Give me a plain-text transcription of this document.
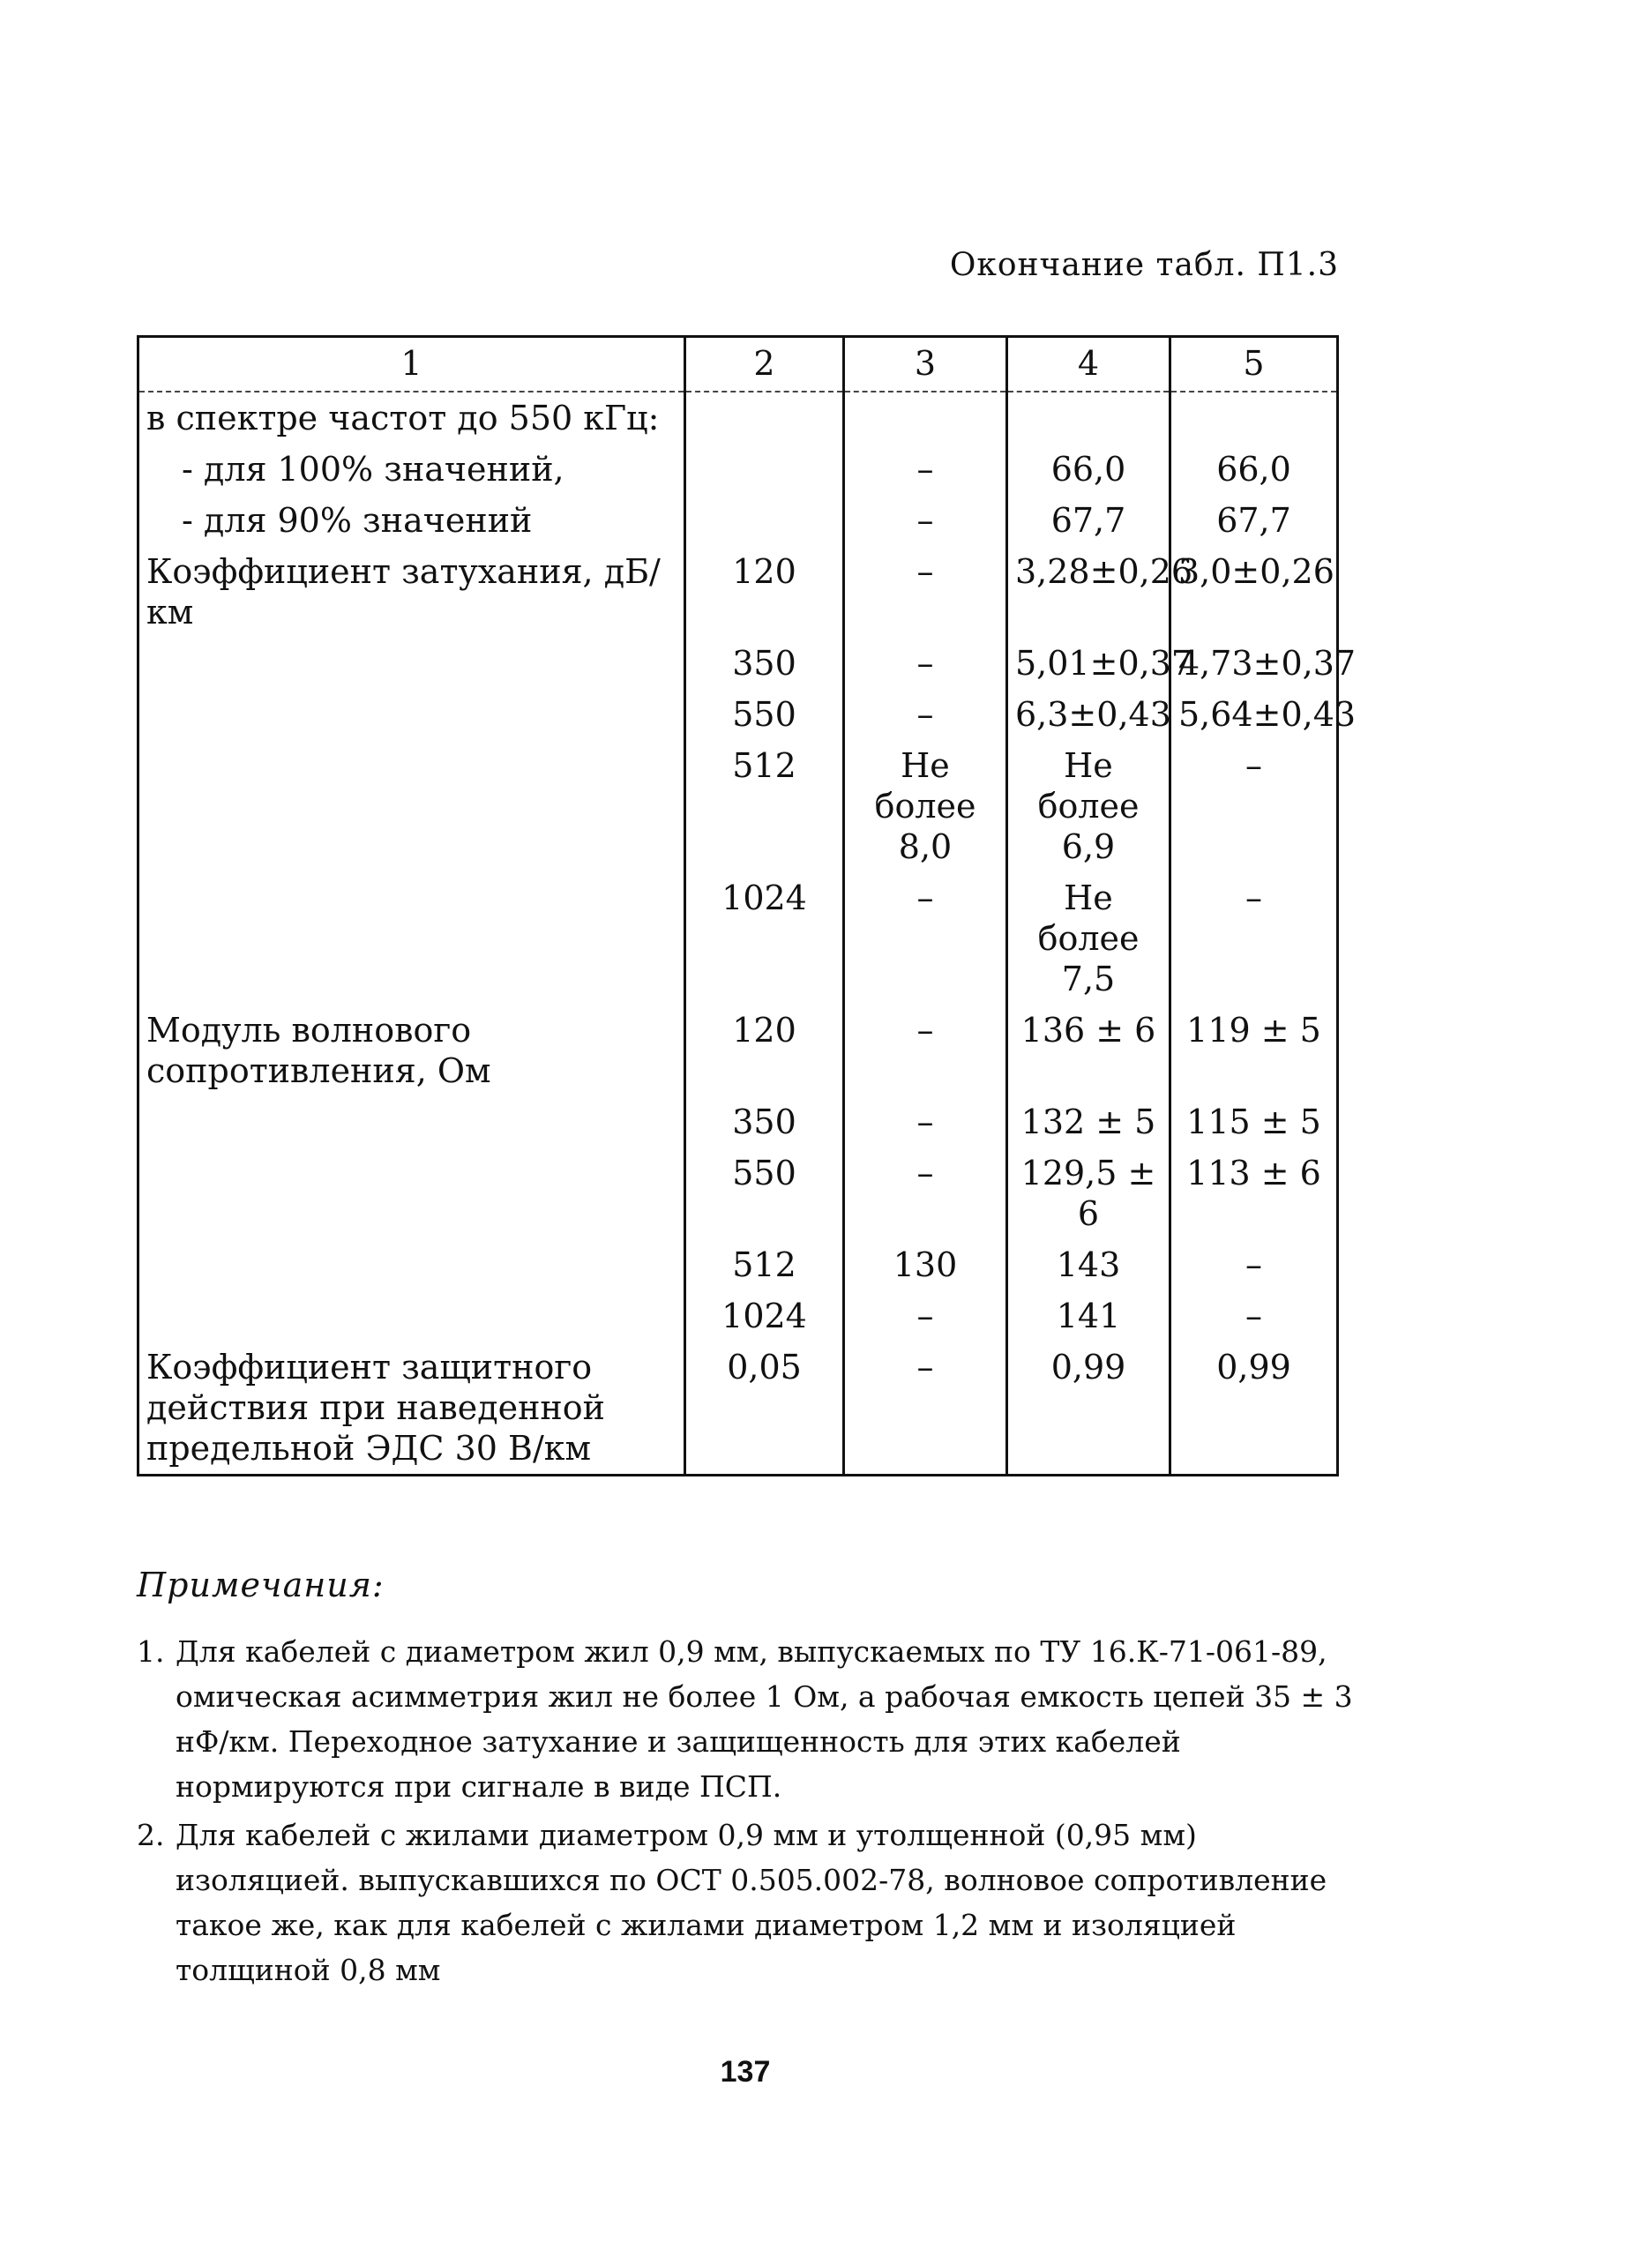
Окончание табл. П1.3
1	2	3	4	5
в спектре частот до 550 кГц:				
- для 100% значений,		–	66,0	66,0
- для 90% значений		–	67,7	67,7
Коэффициент затухания, дБ/км	120	–	3,28±0,26	3,0±0,26
	350	–	5,01±0,37	4,73±0,37
	550	–	6,3±0,43	5,64±0,43
	512	Не более 8,0	Не более 6,9	–
	1024	–	Не более 7,5	–
Модуль волнового сопротивления, Ом	120	–	136 ± 6	119 ± 5
	350	–	132 ± 5	115 ± 5
	550	–	129,5 ± 6	113 ± 6
	512	130	143	–
	1024	–	141	–
Коэффициент защитного действия при наведенной предельной ЭДС 30 В/км	0,05	–	0,99	0,99
Примечания:
1. Для кабелей с диаметром жил 0,9 мм, выпускаемых по ТУ 16.К-71-061-89, омическая асимметрия жил не более 1 Ом, а рабочая емкость цепей 35 ± 3 нФ/км. Переходное затухание и защищенность для этих кабелей нормируются при сигнале в виде ПСП.
2. Для кабелей с жилами диаметром 0,9 мм и утолщенной (0,95 мм) изоляцией. выпускавшихся по ОСТ 0.505.002-78, волновое сопротивление такое же, как для кабелей с жилами диаметром 1,2 мм и изоляцией толщиной 0,8 мм
137
